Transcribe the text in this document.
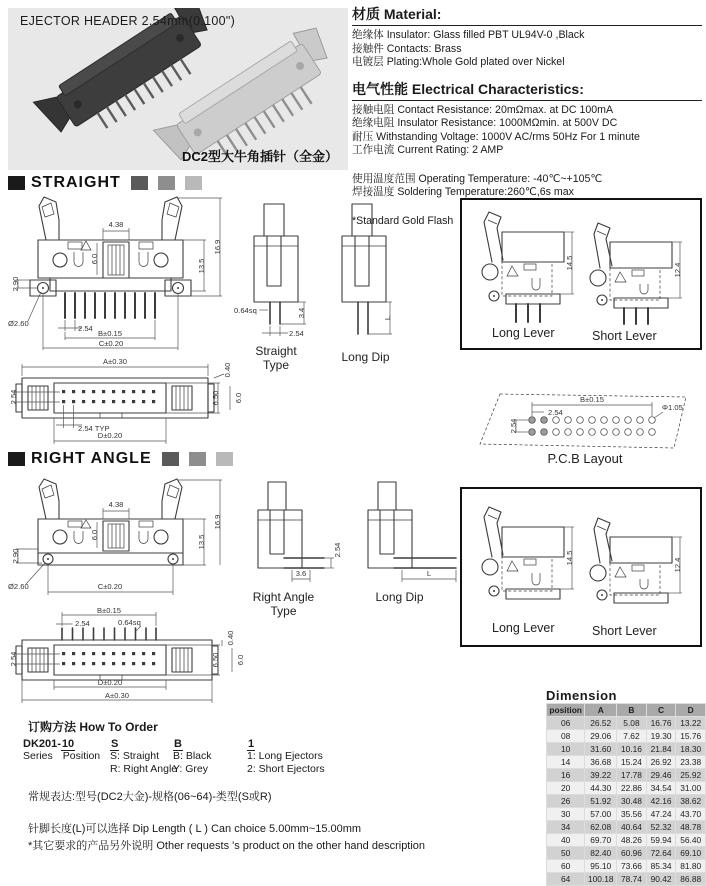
EJECTOR HEADER 2.54mm(0.100")
DC2型大牛角插针（全金）
材质 Material:
绝缘体 Insulator: Glass filled PBT UL94V-0 ,Black
接触件 Contacts: Brass
电镀层 Plating:Whole Gold plated over Nickel
电气性能 Electrical Characteristics:
接触电阻 Contact Resistance: 20mΩmax. at DC 100mA
绝缘电阻 Insulator Resistance: 1000MΩmin. at 500V DC
耐压 Withstanding Voltage: 1000V AC/rms 50Hz For 1 minute
工作电流 Current Rating: 2 AMP
使用温度范围 Operating Temperature: -40℃~+105℃
焊接温度 Soldering Temperature:260℃,6s max
*Standard Gold Flash
STRAIGHT
4.38
6.0	13.5
16.9
2.90
Ø2.60
2.54
B±0.15
C±0.20
0.64sq	3.4
2.54
Straight
Type
L
Long Dip
14.5	12.4
Long Lever	Short Lever
A±0.30
0.40
6.50 6.0
2.54
2.54 TYP
D±0.20
B±0.15
2.54
2.54
Φ1.05
P.C.B Layout
RIGHT ANGLE
4.38
6.0
2.90
Ø2.60	C±0.20
13.5
16.9
2.54
3.6
Right Angle
Type
L
Long Dip
14.5	12.4
Long Lever	Short Lever
B±0.15
2.54	0.64sq
0.40
6.50 6.0
2.54
D±0.20
A±0.30
订购方法 How To Order
DK201-10
Series Position
S
S: Straight
R: Right Angle
B
B: Black
Y: Grey
1
1: Long Ejectors
2: Short Ejectors
常规表达:型号(DC2大金)-规格(06~64)-类型(S或R)
针脚长度(L)可以选择 Dip Length ( L ) Can choice 5.00mm~15.00mm
*其它要求的产品另外说明 Other requests 's product on the other hand description
Dimension
position	A	B	C	D
06	26.52	5.08	16.76	13.22
08	29.06	7.62	19.30	15.76
10	31.60	10.16	21.84	18.30
14	36.68	15.24	26.92	23.38
16	39.22	17.78	29.46	25.92
20	44.30	22.86	34.54	31.00
26	51.92	30.48	42.16	38.62
30	57.00	35.56	47.24	43.70
34	62.08	40.64	52.32	48.78
40	69.70	48.26	59.94	56.40
50	82.40	60.96	72.64	69.10
60	95.10	73.66	85.34	81.80
64	100.18	78.74	90.42	86.88
